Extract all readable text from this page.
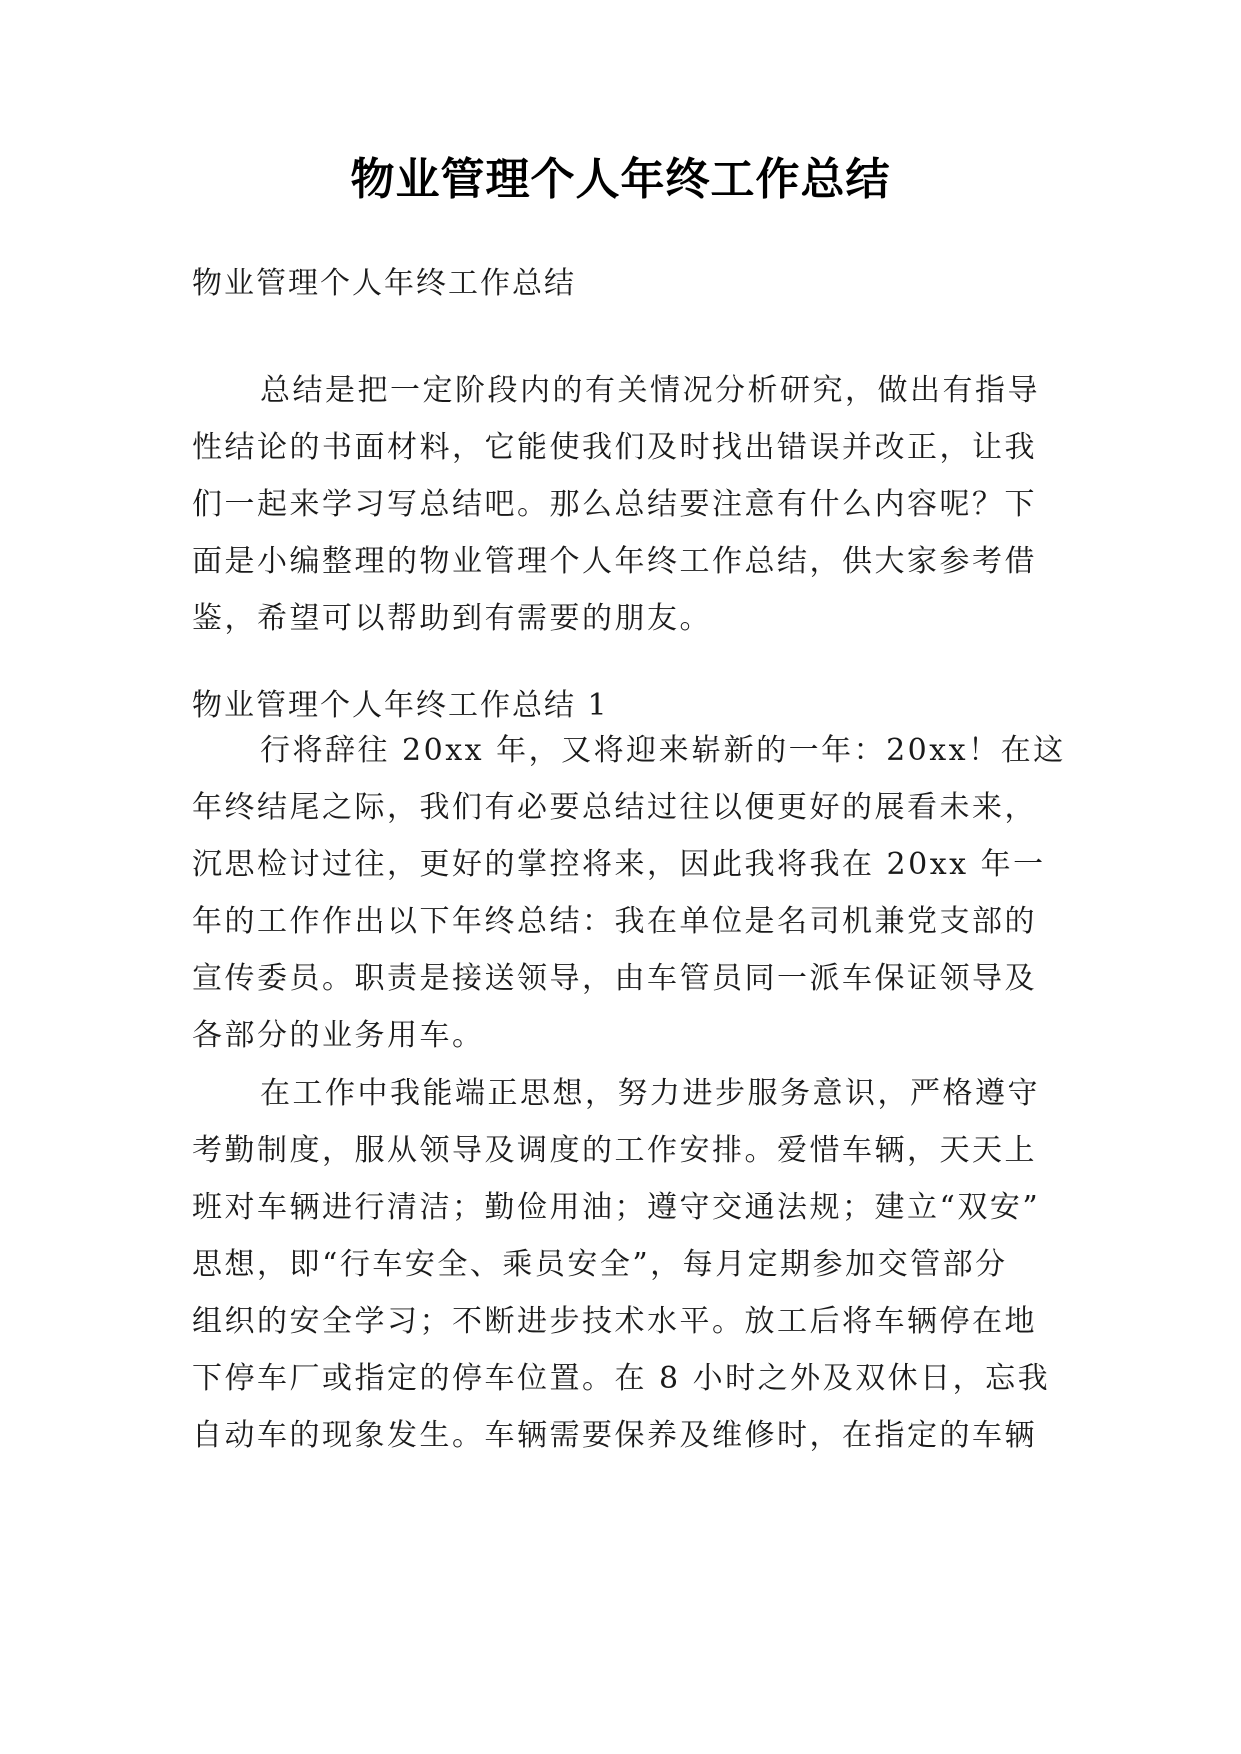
物业管理个人年终工作总结
物业管理个人年终工作总结
总结是把一定阶段内的有关情况分析研究，做出有指导
性结论的书面材料，它能使我们及时找出错误并改正，让我
们一起来学习写总结吧。那么总结要注意有什么内容呢？下
面是小编整理的物业管理个人年终工作总结，供大家参考借
鉴，希望可以帮助到有需要的朋友。
物业管理个人年终工作总结 1
行将辞往 20xx 年，又将迎来崭新的一年：20xx！在这
年终结尾之际，我们有必要总结过往以便更好的展看未来，
沉思检讨过往，更好的掌控将来，因此我将我在 20xx 年一
年的工作作出以下年终总结：我在单位是名司机兼党支部的
宣传委员。职责是接送领导，由车管员同一派车保证领导及
各部分的业务用车。
在工作中我能端正思想，努力进步服务意识，严格遵守
考勤制度，服从领导及调度的工作安排。爱惜车辆，天天上
班对车辆进行清洁；勤俭用油；遵守交通法规；建立“双安”
思想，即“行车安全、乘员安全”，每月定期参加交管部分
组织的安全学习；不断进步技术水平。放工后将车辆停在地
下停车厂或指定的停车位置。在 8 小时之外及双休日，忘我
自动车的现象发生。车辆需要保养及维修时，在指定的车辆
